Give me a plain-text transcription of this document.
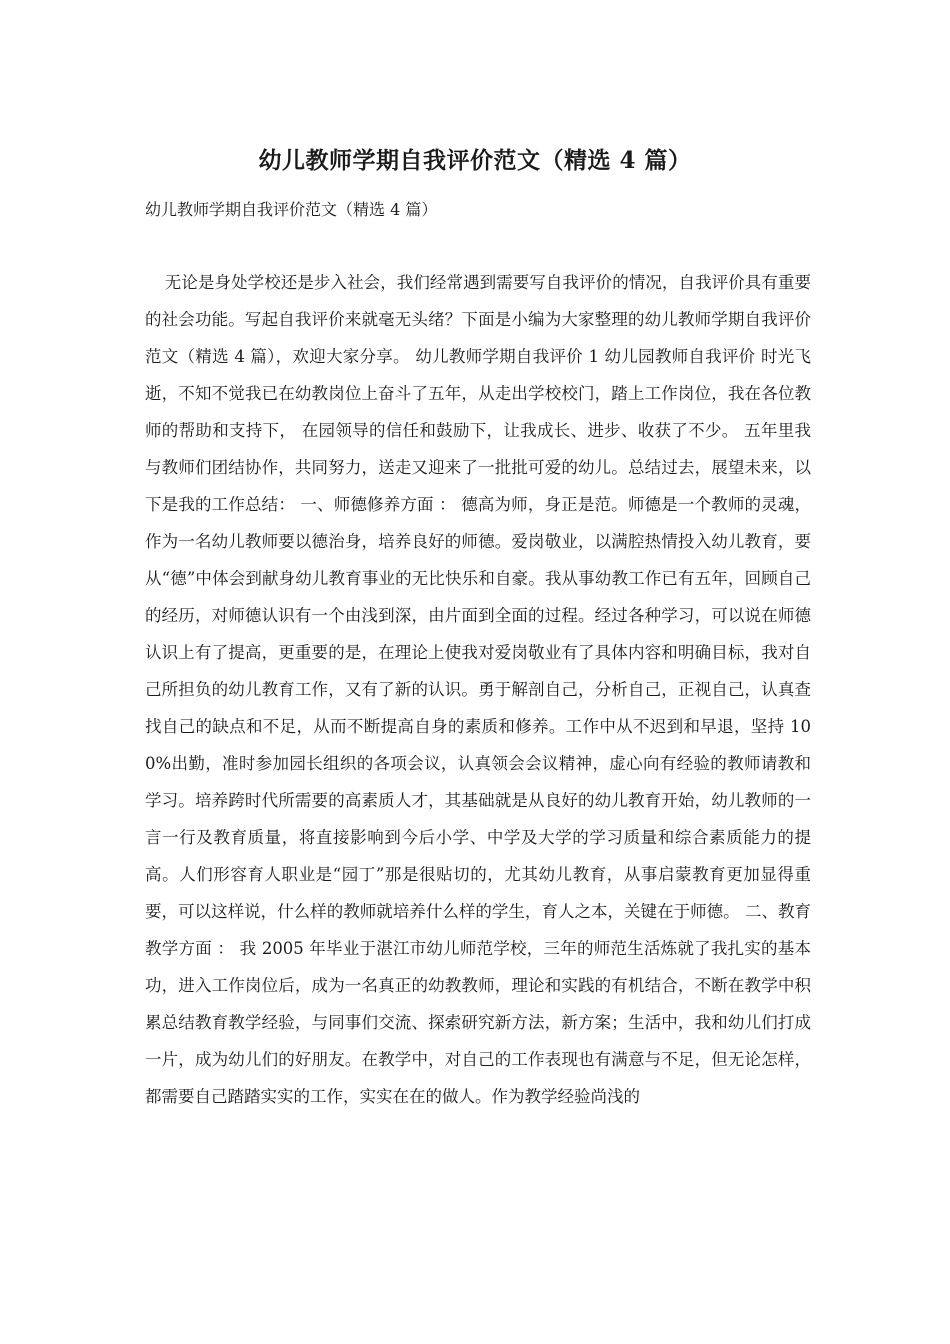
幼儿教师学期自我评价范文（精选 4 篇）

幼儿教师学期自我评价范文（精选 4 篇）

无论是身处学校还是步入社会，我们经常遇到需要写自我评价的情况，自我评价具有重要的社会功能。写起自我评价来就毫无头绪？下面是小编为大家整理的幼儿教师学期自我评价范文（精选 4 篇），欢迎大家分享。 幼儿教师学期自我评价 1 幼儿园教师自我评价 时光飞逝，不知不觉我已在幼教岗位上奋斗了五年，从走出学校校门，踏上工作岗位，我在各位教师的帮助和支持下， 在园领导的信任和鼓励下，让我成长、进步、收获了不少。 五年里我与教师们团结协作，共同努力，送走又迎来了一批批可爱的幼儿。总结过去，展望未来，以下是我的工作总结： 一、师德修养方面 ： 德高为师，身正是范。师德是一个教师的灵魂，作为一名幼儿教师要以德治身，培养良好的师德。爱岗敬业，以满腔热情投入幼儿教育，要从“德”中体会到献身幼儿教育事业的无比快乐和自豪。我从事幼教工作已有五年，回顾自己的经历，对师德认识有一个由浅到深，由片面到全面的过程。经过各种学习，可以说在师德认识上有了提高，更重要的是，在理论上使我对爱岗敬业有了具体内容和明确目标，我对自己所担负的幼儿教育工作，又有了新的认识。勇于解剖自己，分析自己，正视自己，认真查找自己的缺点和不足，从而不断提高自身的素质和修养。工作中从不迟到和早退，坚持 100%出勤，准时参加园长组织的各项会议，认真领会会议精神，虚心向有经验的教师请教和学习。培养跨时代所需要的高素质人才，其基础就是从良好的幼儿教育开始，幼儿教师的一言一行及教育质量，将直接影响到今后小学、中学及大学的学习质量和综合素质能力的提高。人们形容育人职业是“园丁”那是很贴切的，尤其幼儿教育，从事启蒙教育更加显得重要，可以这样说，什么样的教师就培养什么样的学生，育人之本，关键在于师德。 二、教育教学方面 ： 我 2005 年毕业于湛江市幼儿师范学校，三年的师范生活炼就了我扎实的基本功，进入工作岗位后，成为一名真正的幼教教师，理论和实践的有机结合，不断在教学中积累总结教育教学经验，与同事们交流、探索研究新方法，新方案；生活中，我和幼儿们打成一片，成为幼儿们的好朋友。在教学中，对自己的工作表现也有满意与不足，但无论怎样，都需要自己踏踏实实的工作，实实在在的做人。作为教学经验尚浅的
